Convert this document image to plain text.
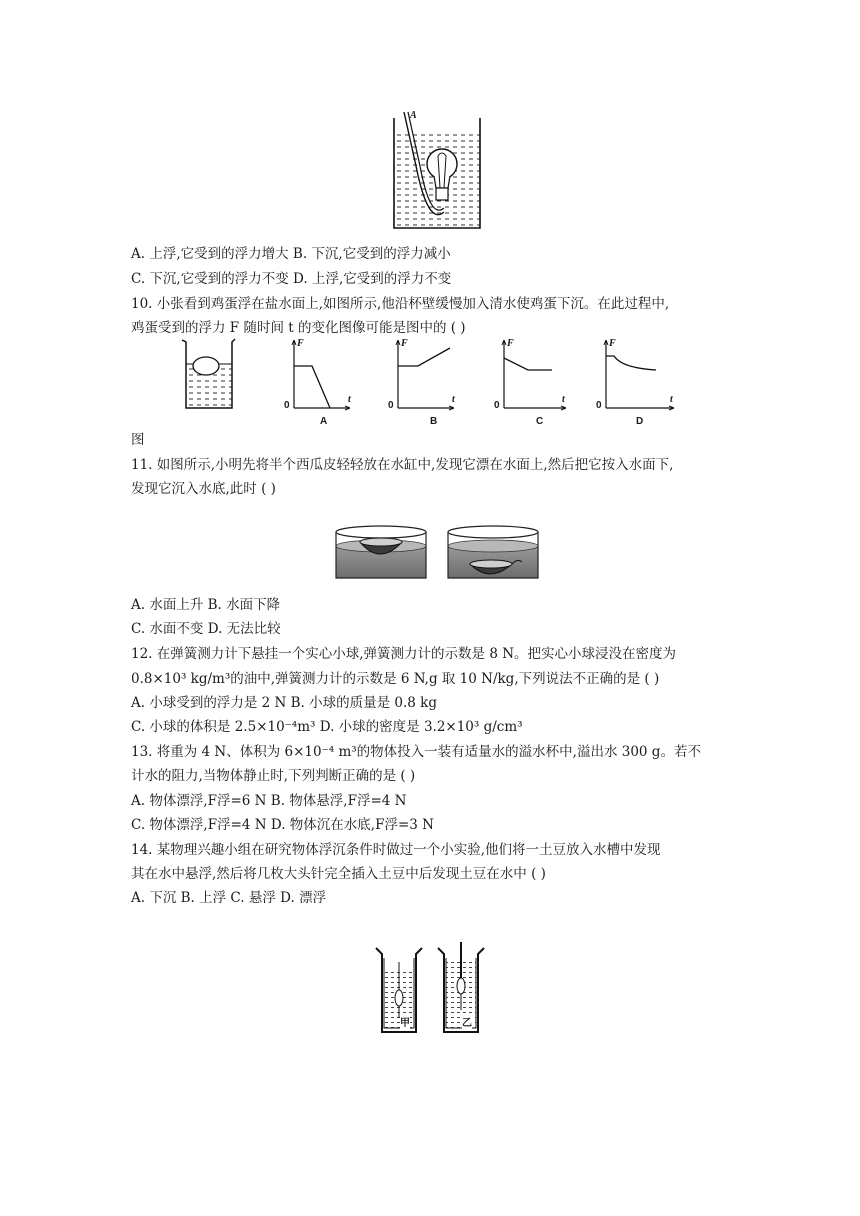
A
A. 上浮,它受到的浮力增大 B. 下沉,它受到的浮力减小
C. 下沉,它受到的浮力不变 D. 上浮,它受到的浮力不变
10. 小张看到鸡蛋浮在盐水面上,如图所示,他沿杯壁缓慢加入清水使鸡蛋下沉。在此过程中,
鸡蛋受到的浮力 F 随时间 t 的变化图像可能是图中的 ( )
F
t
0
A
F
t
0
B
F
t
0
C
F
t
0
D
图
11. 如图所示,小明先将半个西瓜皮轻轻放在水缸中,发现它漂在水面上,然后把它按入水面下,
发现它沉入水底,此时 ( )
A. 水面上升 B. 水面下降
C. 水面不变 D. 无法比较
12. 在弹簧测力计下悬挂一个实心小球,弹簧测力计的示数是 8 N。把实心小球浸没在密度为
0.8×10³ kg/m³的油中,弹簧测力计的示数是 6 N,g 取 10 N/kg,下列说法不正确的是 ( )
A. 小球受到的浮力是 2 N B. 小球的质量是 0.8 kg
C. 小球的体积是 2.5×10⁻⁴m³ D. 小球的密度是 3.2×10³ g/cm³
13. 将重为 4 N、体积为 6×10⁻⁴ m³的物体投入一装有适量水的溢水杯中,溢出水 300 g。若不
计水的阻力,当物体静止时,下列判断正确的是 ( )
A. 物体漂浮,F浮=6 N B. 物体悬浮,F浮=4 N
C. 物体漂浮,F浮=4 N D. 物体沉在水底,F浮=3 N
14. 某物理兴趣小组在研究物体浮沉条件时做过一个小实验,他们将一土豆放入水槽中发现
其在水中悬浮,然后将几枚大头针完全插入土豆中后发现土豆在水中 ( )
A. 下沉 B. 上浮 C. 悬浮 D. 漂浮
甲	乙
